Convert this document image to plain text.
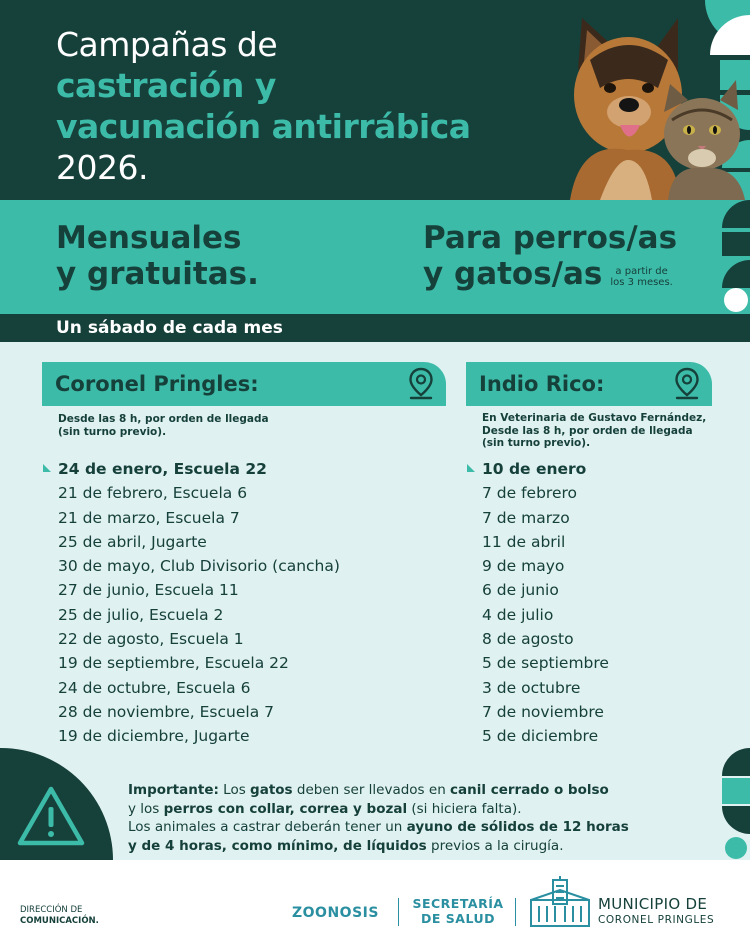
Campañas de
castración y
vacunación antirrábica
2026.
Mensuales
y gratuitas.
Para perros/as
y gatos/as	a partir de
los 3 meses.
Un sábado de cada mes
Coronel Pringles:
Desde las 8 h, por orden de llegada
(sin turno previo).
24 de enero, Escuela 22
21 de febrero, Escuela 6
21 de marzo, Escuela 7
25 de abril, Jugarte
30 de mayo, Club Divisorio (cancha)
27 de junio, Escuela 11
25 de julio, Escuela 2
22 de agosto, Escuela 1
19 de septiembre, Escuela 22
24 de octubre, Escuela 6
28 de noviembre, Escuela 7
19 de diciembre, Jugarte
Indio Rico:
En Veterinaria de Gustavo Fernández,
Desde las 8 h, por orden de llegada
(sin turno previo).
10 de enero
7 de febrero
7 de marzo
11 de abril
9 de mayo
6 de junio
4 de julio
8 de agosto
5 de septiembre
3 de octubre
7 de noviembre
5 de diciembre
Importante: Los gatos deben ser llevados en canil cerrado o bolso
y los perros con collar, correa y bozal (si hiciera falta).
Los animales a castrar deberán tener un ayuno de sólidos de 12 horas
y de 4 horas, como mínimo, de líquidos previos a la cirugía.
DIRECCIÓN DE
COMUNICACIÓN.	ZOONOSIS
SECRETARÍA
DE SALUD
MUNICIPIO DE
CORONEL PRINGLES
